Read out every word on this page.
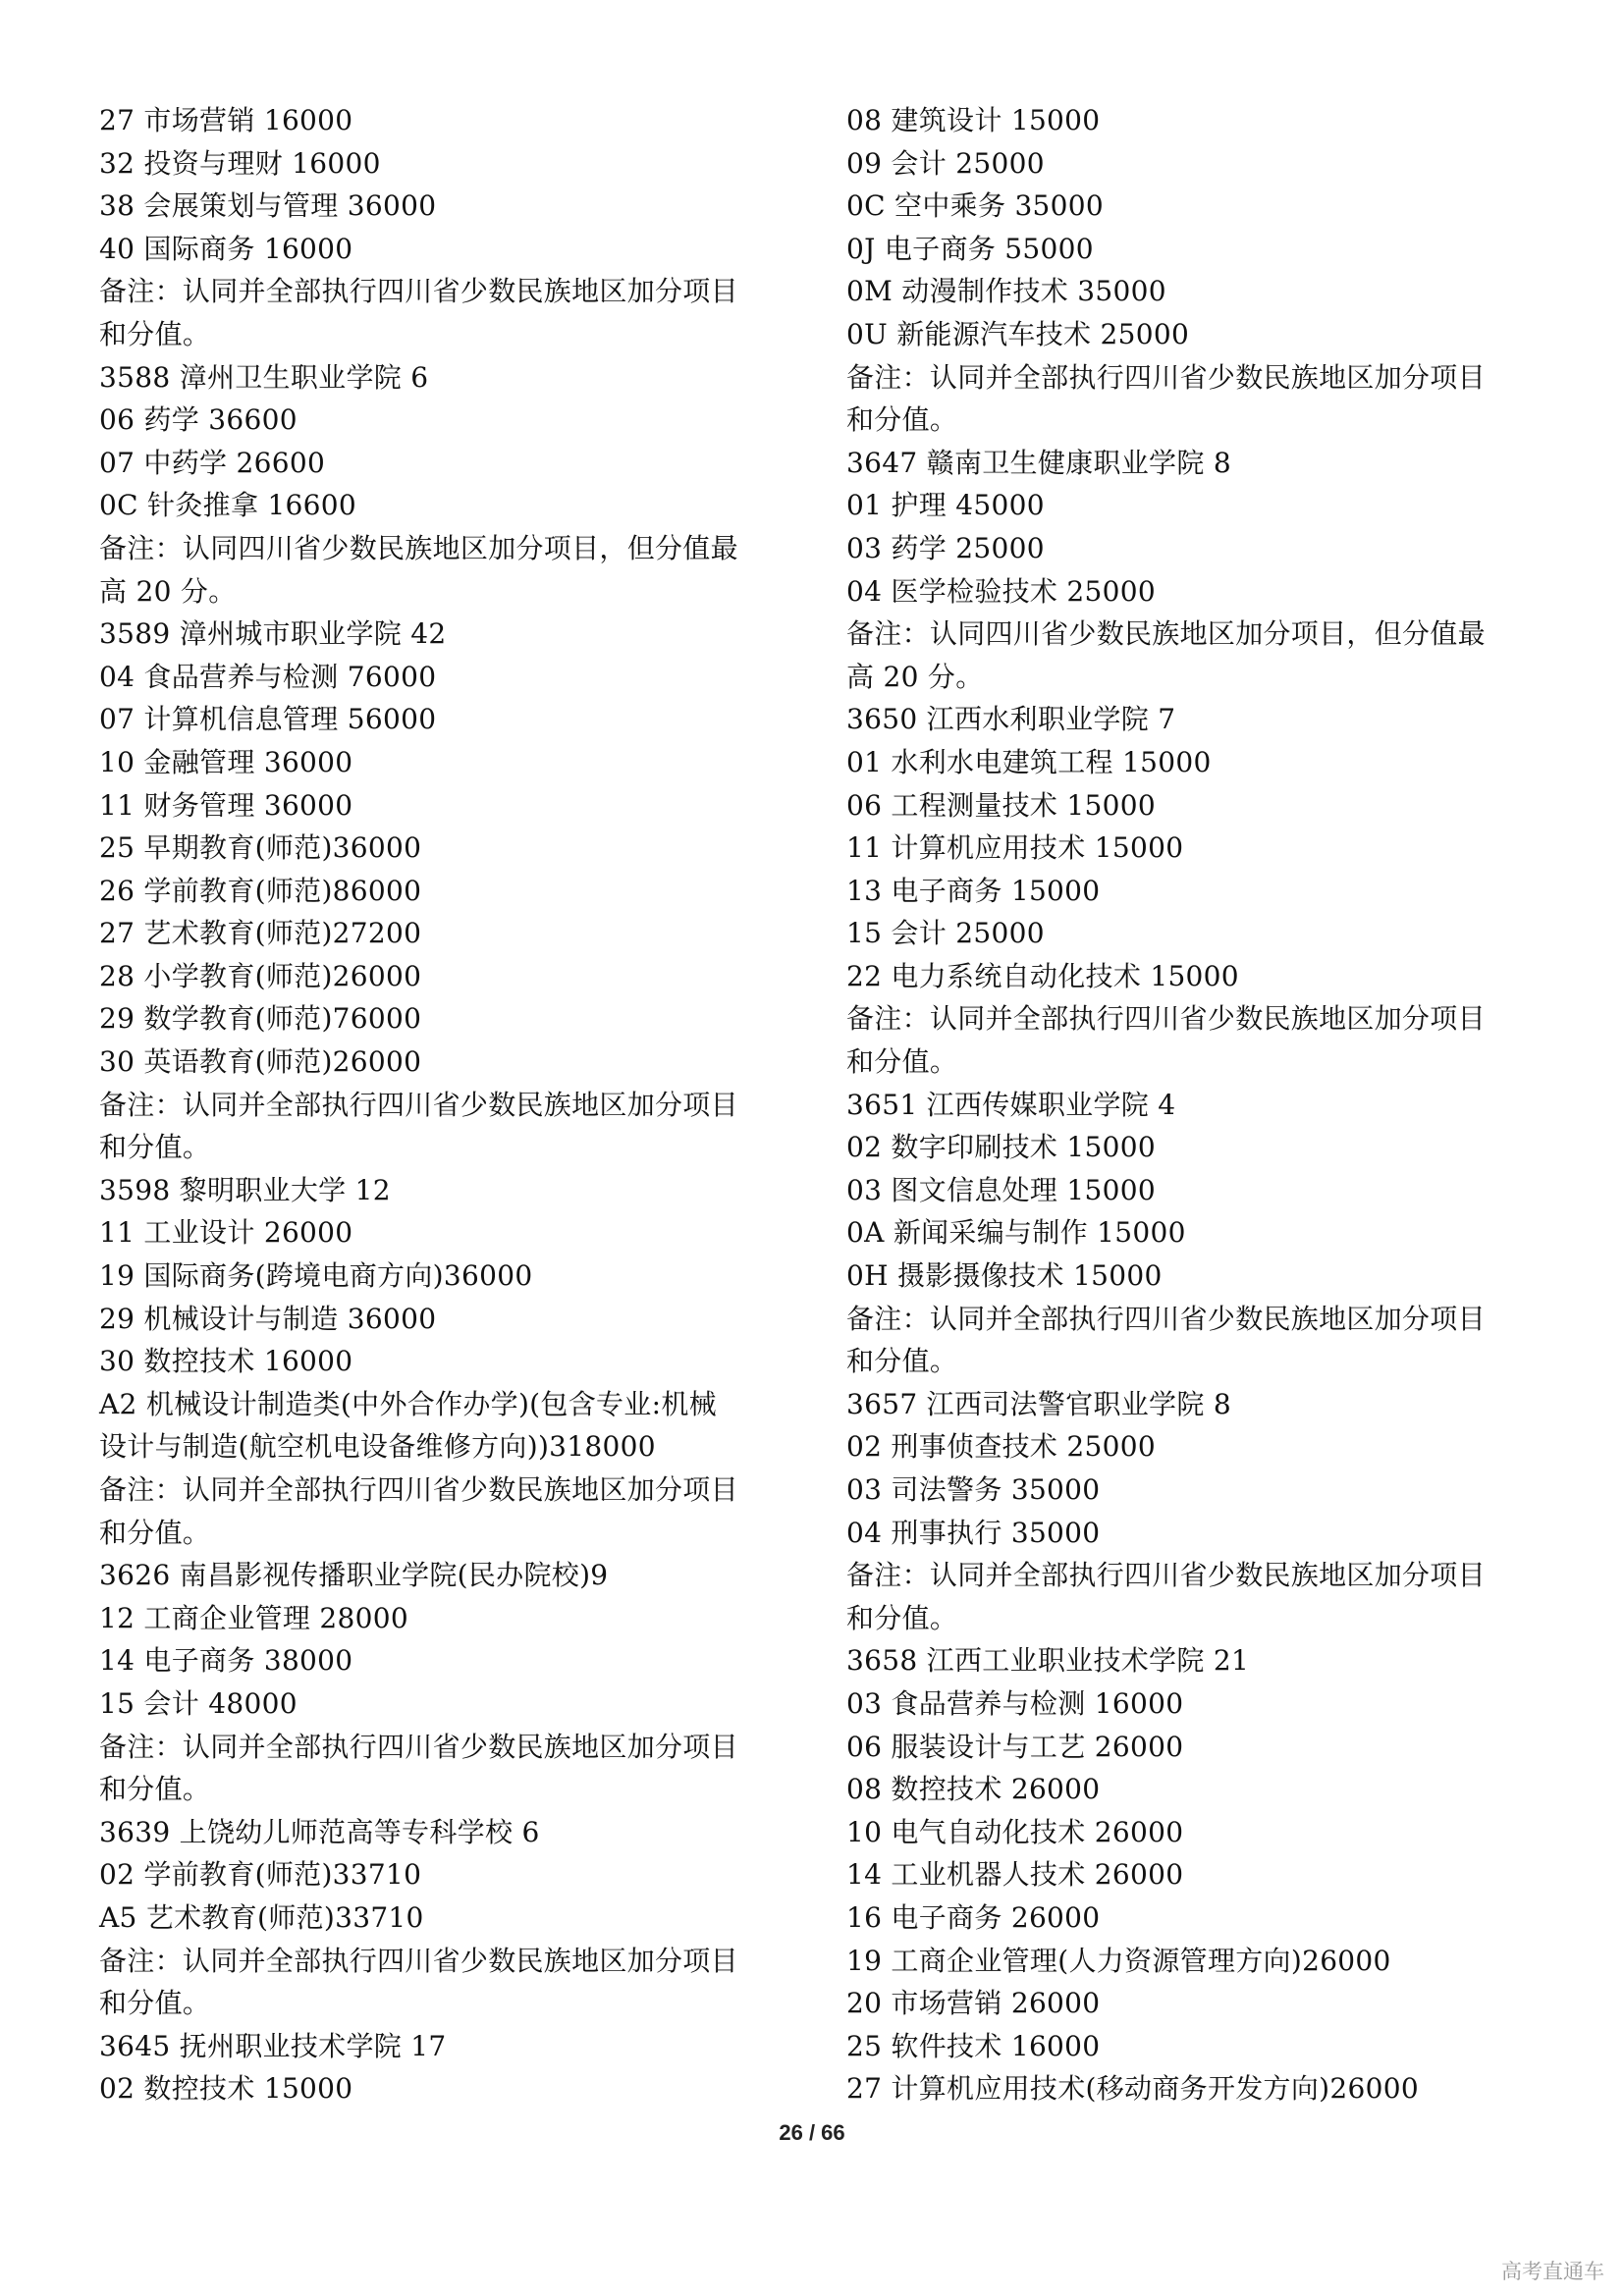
27 市场营销 16000
32 投资与理财 16000
38 会展策划与管理 36000
40 国际商务 16000
备注：认同并全部执行四川省少数民族地区加分项目
和分值。
3588 漳州卫生职业学院 6
06 药学 36600
07 中药学 26600
0C 针灸推拿 16600
备注：认同四川省少数民族地区加分项目，但分值最
高 20 分。
3589 漳州城市职业学院 42
04 食品营养与检测 76000
07 计算机信息管理 56000
10 金融管理 36000
11 财务管理 36000
25 早期教育(师范)36000
26 学前教育(师范)86000
27 艺术教育(师范)27200
28 小学教育(师范)26000
29 数学教育(师范)76000
30 英语教育(师范)26000
备注：认同并全部执行四川省少数民族地区加分项目
和分值。
3598 黎明职业大学 12
11 工业设计 26000
19 国际商务(跨境电商方向)36000
29 机械设计与制造 36000
30 数控技术 16000
A2 机械设计制造类(中外合作办学)(包含专业:机械
设计与制造(航空机电设备维修方向))318000
备注：认同并全部执行四川省少数民族地区加分项目
和分值。
3626 南昌影视传播职业学院(民办院校)9
12 工商企业管理 28000
14 电子商务 38000
15 会计 48000
备注：认同并全部执行四川省少数民族地区加分项目
和分值。
3639 上饶幼儿师范高等专科学校 6
02 学前教育(师范)33710
A5 艺术教育(师范)33710
备注：认同并全部执行四川省少数民族地区加分项目
和分值。
3645 抚州职业技术学院 17
02 数控技术 15000
08 建筑设计 15000
09 会计 25000
0C 空中乘务 35000
0J 电子商务 55000
0M 动漫制作技术 35000
0U 新能源汽车技术 25000
备注：认同并全部执行四川省少数民族地区加分项目
和分值。
3647 赣南卫生健康职业学院 8
01 护理 45000
03 药学 25000
04 医学检验技术 25000
备注：认同四川省少数民族地区加分项目，但分值最
高 20 分。
3650 江西水利职业学院 7
01 水利水电建筑工程 15000
06 工程测量技术 15000
11 计算机应用技术 15000
13 电子商务 15000
15 会计 25000
22 电力系统自动化技术 15000
备注：认同并全部执行四川省少数民族地区加分项目
和分值。
3651 江西传媒职业学院 4
02 数字印刷技术 15000
03 图文信息处理 15000
0A 新闻采编与制作 15000
0H 摄影摄像技术 15000
备注：认同并全部执行四川省少数民族地区加分项目
和分值。
3657 江西司法警官职业学院 8
02 刑事侦查技术 25000
03 司法警务 35000
04 刑事执行 35000
备注：认同并全部执行四川省少数民族地区加分项目
和分值。
3658 江西工业职业技术学院 21
03 食品营养与检测 16000
06 服装设计与工艺 26000
08 数控技术 26000
10 电气自动化技术 26000
14 工业机器人技术 26000
16 电子商务 26000
19 工商企业管理(人力资源管理方向)26000
20 市场营销 26000
25 软件技术 16000
27 计算机应用技术(移动商务开发方向)26000
26 / 66
高考直通车
